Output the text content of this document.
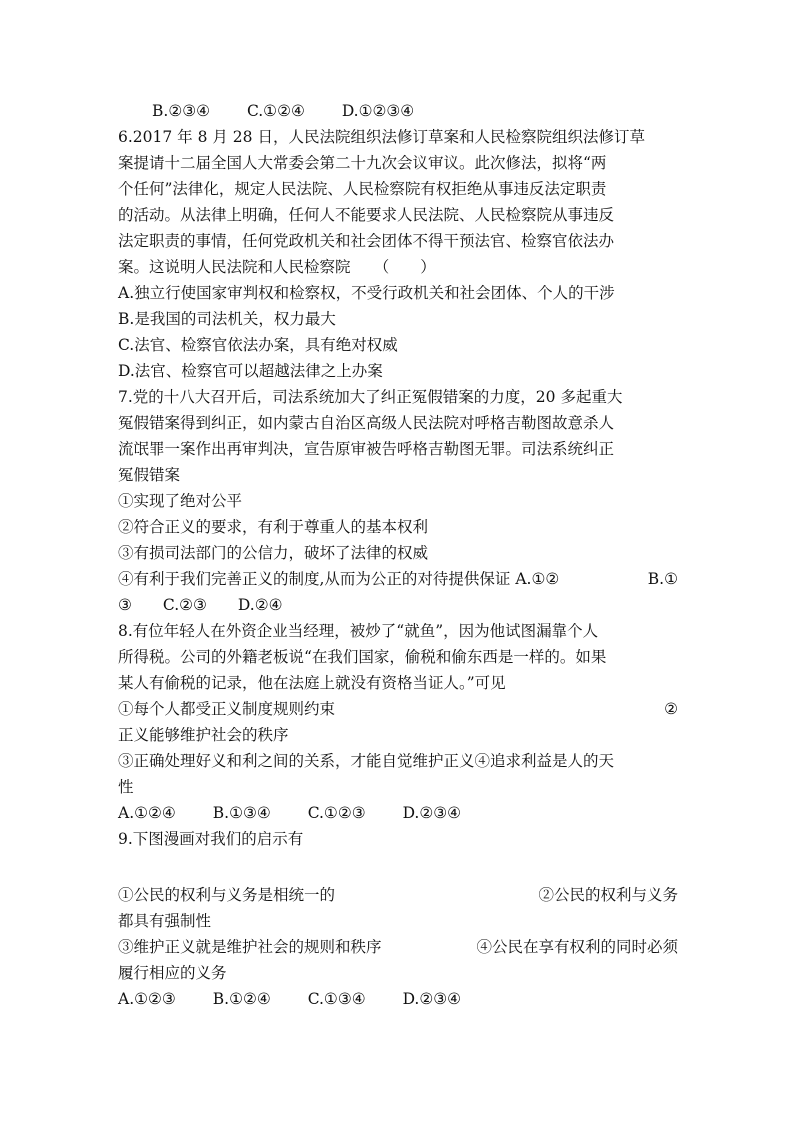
B.②③④ C.①②④ D.①②③④
6.2017 年 8 月 28 日，人民法院组织法修订草案和人民检察院组织法修订草
案提请十二届全国人大常委会第二十九次会议审议。此次修法，拟将“两
个任何”法律化，规定人民法院、人民检察院有权拒绝从事违反法定职责
的活动。从法律上明确，任何人不能要求人民法院、人民检察院从事违反
法定职责的事情，任何党政机关和社会团体不得干预法官、检察官依法办
案。这说明人民法院和人民检察院　　（　　）
A.独立行使国家审判权和检察权，不受行政机关和社会团体、个人的干涉
B.是我国的司法机关，权力最大
C.法官、检察官依法办案，具有绝对权威
D.法官、检察官可以超越法律之上办案
7.党的十八大召开后，司法系统加大了纠正冤假错案的力度，20 多起重大
冤假错案得到纠正，如内蒙古自治区高级人民法院对呼格吉勒图故意杀人
流氓罪一案作出再审判决，宣告原审被告呼格吉勒图无罪。司法系统纠正
冤假错案
①实现了绝对公平
②符合正义的要求，有利于尊重人的基本权利
③有损司法部门的公信力，破坏了法律的权威
④有利于我们完善正义的制度,从而为公正的对待提供保证 A.①②	B.①
③　　C.②③　　D.②④
8.有位年轻人在外资企业当经理，被炒了“就鱼”，因为他试图漏靠个人
所得税。公司的外籍老板说“在我们国家，偷税和偷东西是一样的。如果
某人有偷税的记录，他在法庭上就没有资格当证人。”可见
①每个人都受正义制度规则约束	②
正义能够维护社会的秩序
③正确处理好义和利之间的关系，才能自觉维护正义④追求利益是人的天
性
A.①②④ B.①③④ C.①②③ D.②③④
9.下图漫画对我们的启示有
①公民的权利与义务是相统一的	②公民的权利与义务
都具有强制性
③维护正义就是维护社会的规则和秩序	④公民在享有权利的同时必须
履行相应的义务
A.①②③ B.①②④ C.①③④ D.②③④
